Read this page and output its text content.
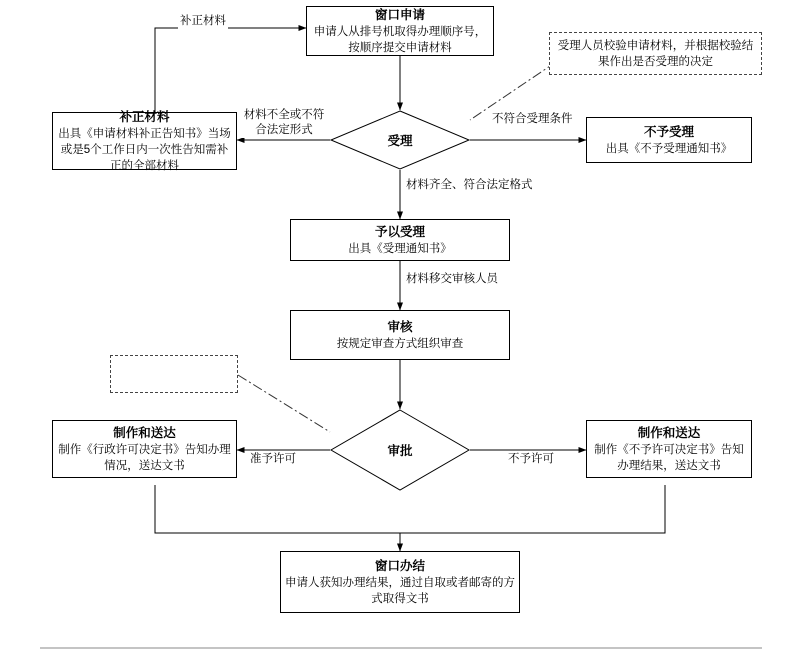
窗口申请
申请人从排号机取得办理顺序号，按顺序提交申请材料	受理人员校验申请材料，并根据校验结果作出是否受理的决定
受理
补正材料
出具《申请材料补正告知书》当场或是5个工作日内一次性告知需补正的全部材料
不予受理
出具《不予受理通知书》
予以受理
出具《受理通知书》
审核
按规定审查方式组织审查
审批
制作和送达
制作《行政许可决定书》告知办理情况，送达文书
制作和送达
制作《不予许可决定书》告知办理结果，送达文书
窗口办结
申请人获知办理结果，通过自取或者邮寄的方式取得文书
补正材料
材料不全或不符合法定形式
不符合受理条件
材料齐全、符合法定格式
材料移交审核人员
准予许可	不予许可
